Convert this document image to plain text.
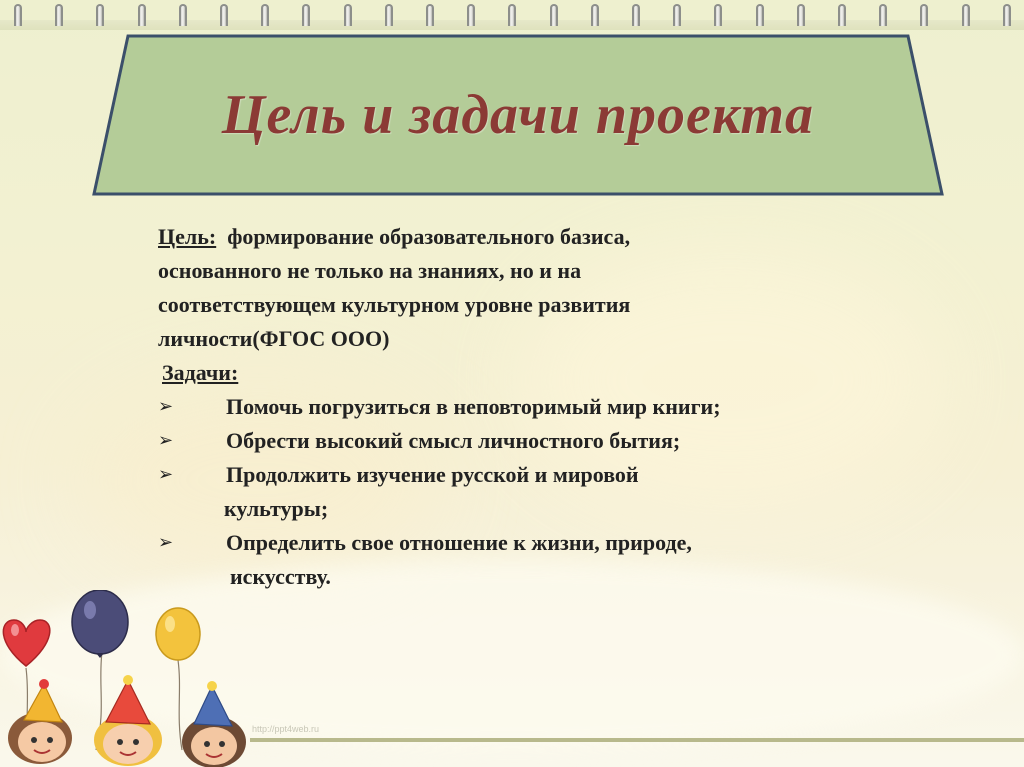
Цель и задачи проекта

Цель: формирование образовательного базиса,

основанного не только на знаниях, но и на

соответствующем культурном уровне развития

личности(ФГОС ООО)

Задачи:

➢ Помочь погрузиться в неповторимый мир книги;

➢ Обрести высокий смысл личностного бытия;

➢ Продолжить изучение русской и мировой

культуры;

➢ Определить свое отношение к жизни, природе,

искусству.

http://ppt4web.ru
